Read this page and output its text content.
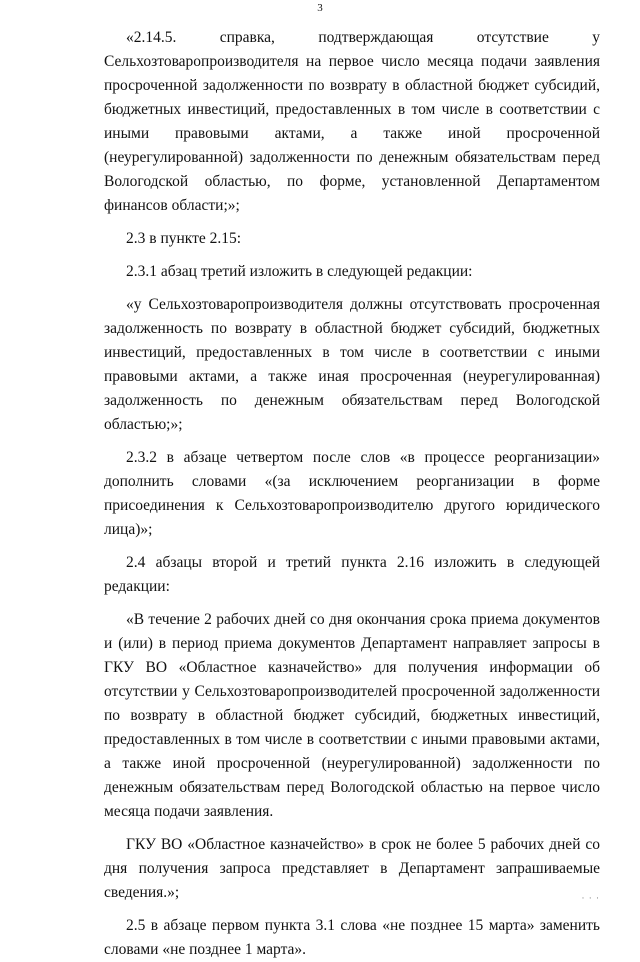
3

«2.14.5. справка, подтверждающая отсутствие у Сельхозтоваропроизводителя на первое число месяца подачи заявления просроченной задолженности по возврату в областной бюджет субсидий, бюджетных инвестиций, предоставленных в том числе в соответствии с иными правовыми актами, а также иной просроченной (неурегулированной) задолженности по денежным обязательствам перед Вологодской областью, по форме, установленной Департаментом финансов области;»;

2.3 в пункте 2.15:

2.3.1 абзац третий изложить в следующей редакции:

«у Сельхозтоваропроизводителя должны отсутствовать просроченная задолженность по возврату в областной бюджет субсидий, бюджетных инвестиций, предоставленных в том числе в соответствии с иными правовыми актами, а также иная просроченная (неурегулированная) задолженность по денежным обязательствам перед Вологодской областью;»;

2.3.2 в абзаце четвертом после слов «в процессе реорганизации» дополнить словами «(за исключением реорганизации в форме присоединения к Сельхозтоваропроизводителю другого юридического лица)»;

2.4 абзацы второй и третий пункта 2.16 изложить в следующей редакции:

«В течение 2 рабочих дней со дня окончания срока приема документов и (или) в период приема документов Департамент направляет запросы в ГКУ ВО «Областное казначейство» для получения информации об отсутствии у Сельхозтоваропроизводителей просроченной задолженности по возврату в областной бюджет субсидий, бюджетных инвестиций, предоставленных в том числе в соответствии с иными правовыми актами, а также иной просроченной (неурегулированной) задолженности по денежным обязательствам перед Вологодской областью на первое число месяца подачи заявления.

ГКУ ВО «Областное казначейство» в срок не более 5 рабочих дней со дня получения запроса представляет в Департамент запрашиваемые сведения.»;

2.5 в абзаце первом пункта 3.1 слова «не позднее 15 марта» заменить словами «не позднее 1 марта».

· · ·
